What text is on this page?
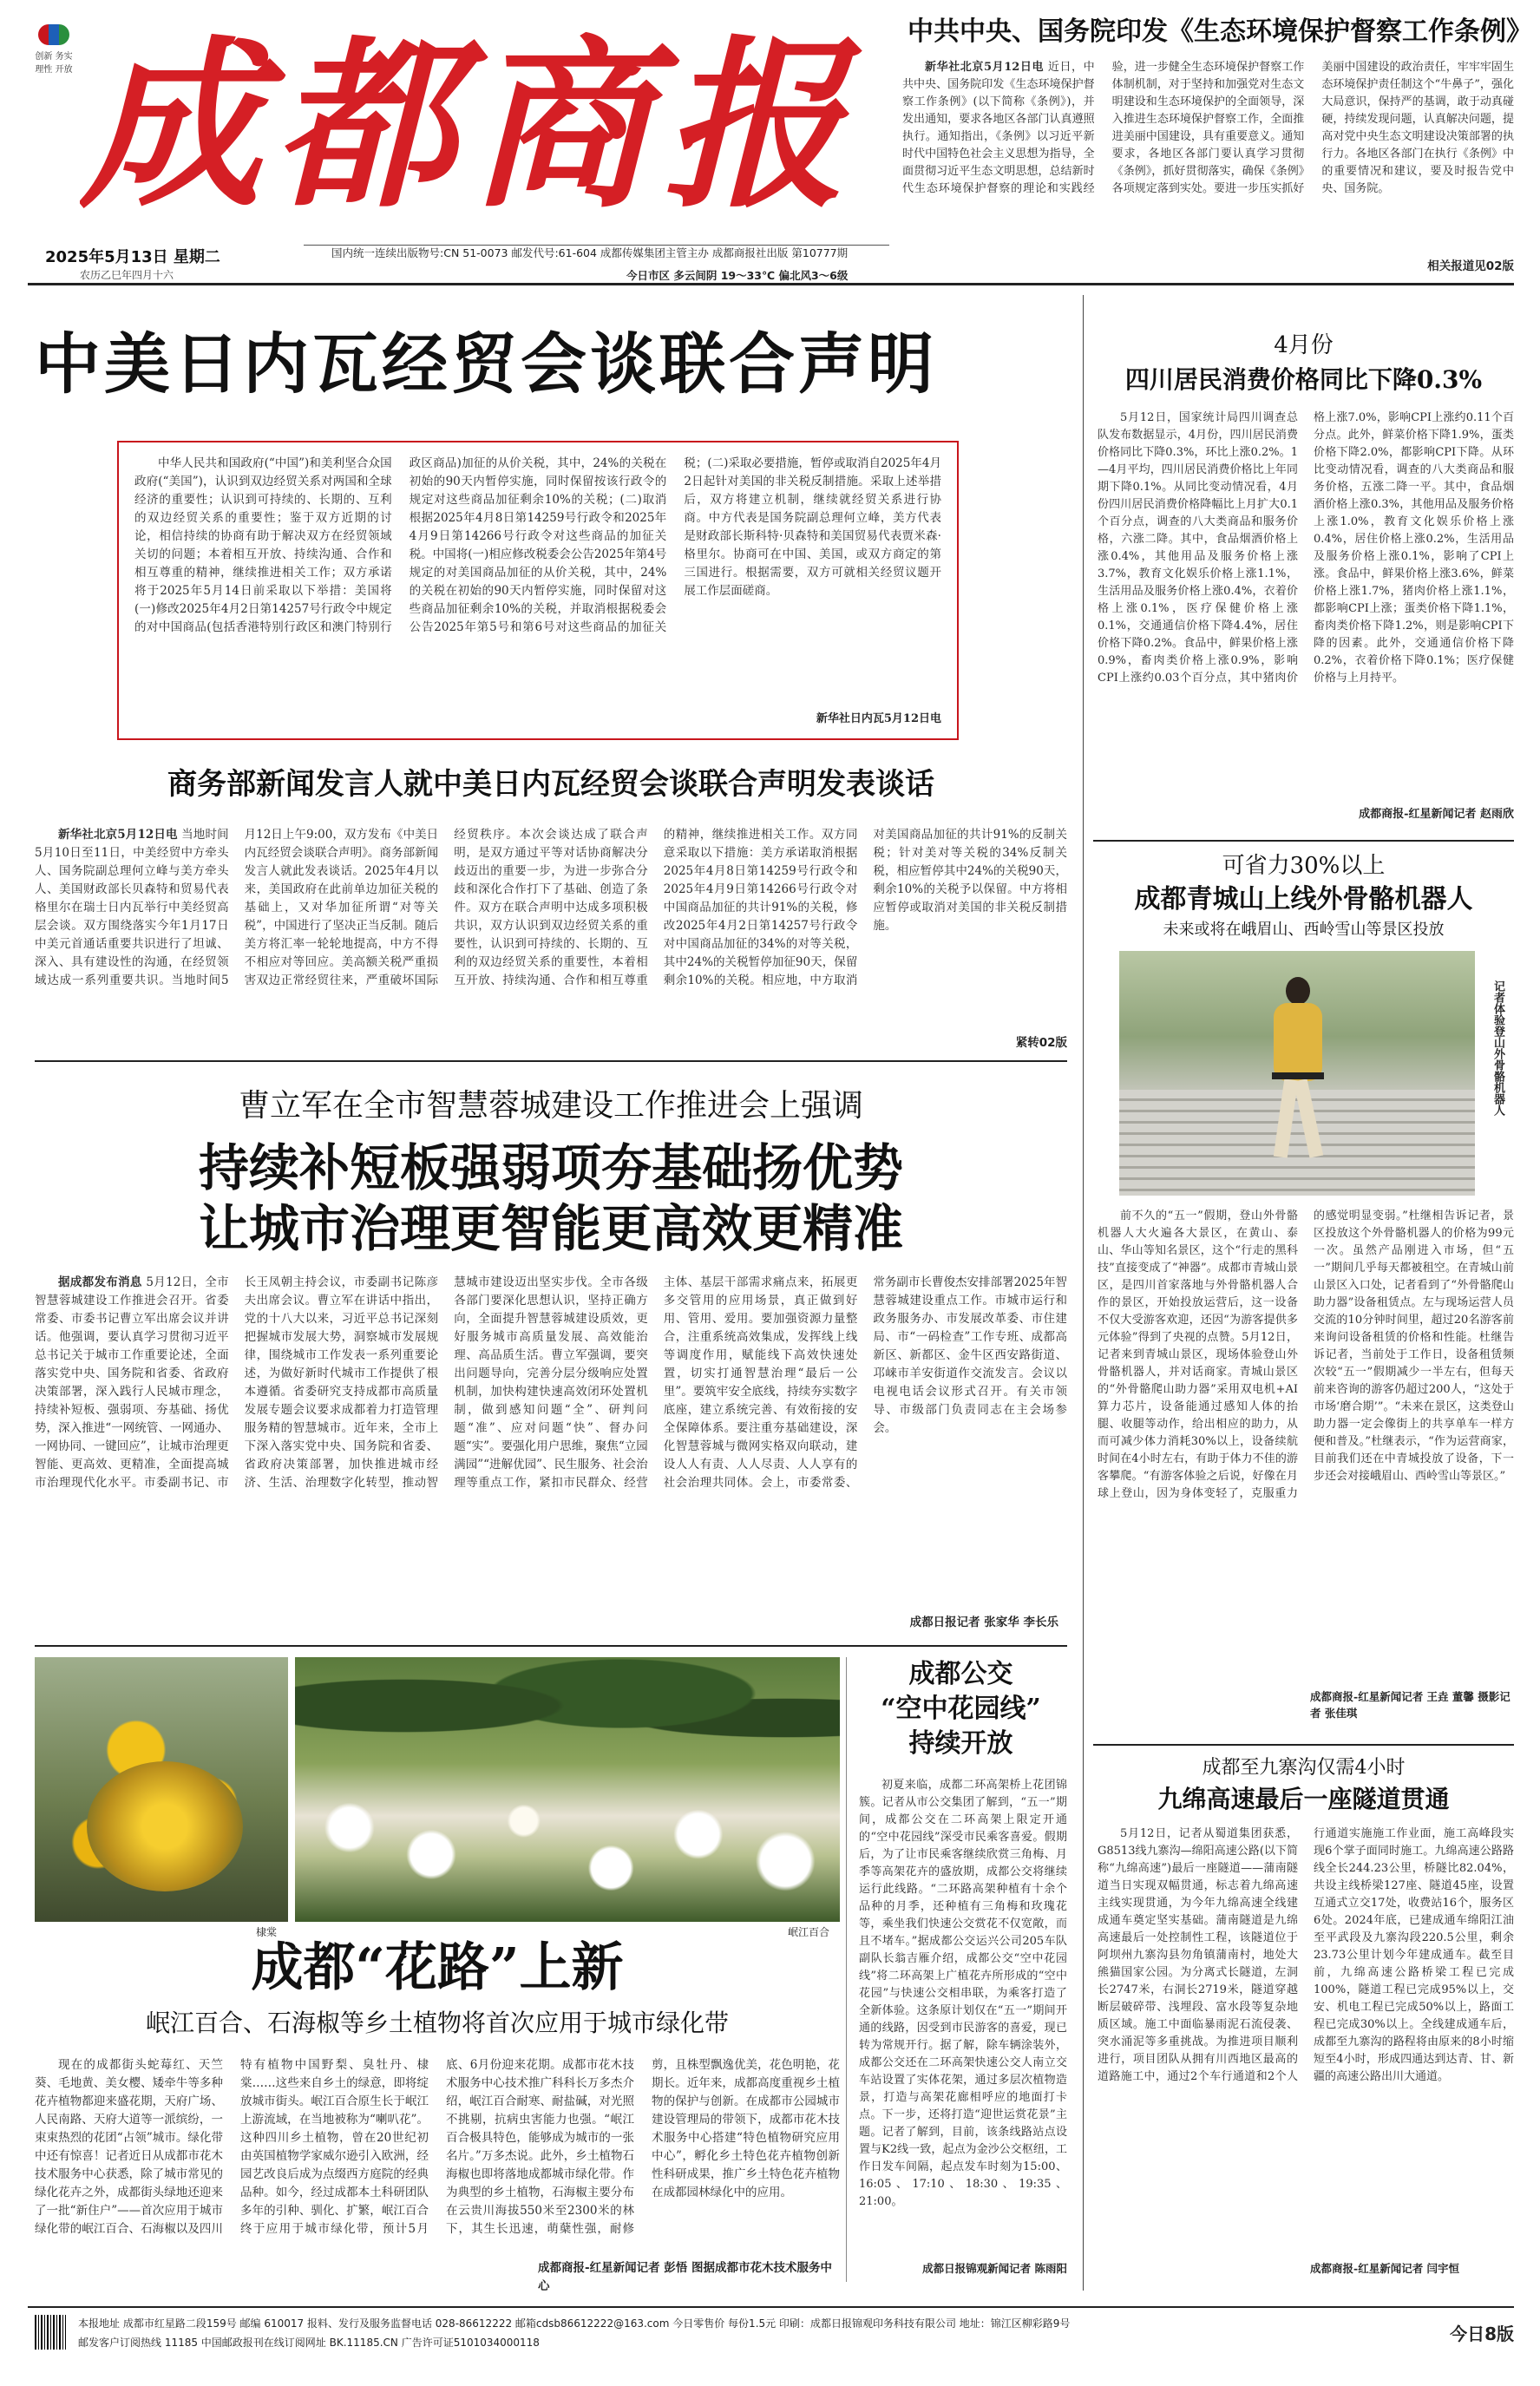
创新 务实
理性 开放 成都商报
2025年5月13日 星期二
农历乙巳年四月十六
国内统一连续出版物号:CN 51-0073 邮发代号:61-604 成都传媒集团主管主办 成都商报社出版 第10777期
今日市区 多云间阴 19～33℃ 偏北风3～6级
中共中央、国务院印发《生态环境保护督察工作条例》

新华社北京5月12日电 近日，中共中央、国务院印发《生态环境保护督察工作条例》(以下简称《条例》)，并发出通知，要求各地区各部门认真遵照执行。通知指出，《条例》以习近平新时代中国特色社会主义思想为指导，全面贯彻习近平生态文明思想，总结新时代生态环境保护督察的理论和实践经验，进一步健全生态环境保护督察工作体制机制，对于坚持和加强党对生态文明建设和生态环境保护的全面领导，深入推进生态环境保护督察工作，全面推进美丽中国建设，具有重要意义。通知要求，各地区各部门要认真学习贯彻《条例》，抓好贯彻落实，确保《条例》各项规定落到实处。要进一步压实抓好美丽中国建设的政治责任，牢牢牢固生态环境保护责任制这个“牛鼻子”，强化大局意识，保持严的基调，敢于动真碰硬，持续发现问题，认真解决问题，提高对党中央生态文明建设决策部署的执行力。各地区各部门在执行《条例》中的重要情况和建议，要及时报告党中央、国务院。

相关报道见02版
中美日内瓦经贸会谈联合声明

中华人民共和国政府(“中国”)和美利坚合众国政府(“美国”)，认识到双边经贸关系对两国和全球经济的重要性；认识到可持续的、长期的、互利的双边经贸关系的重要性；鉴于双方近期的讨论，相信持续的协商有助于解决双方在经贸领域关切的问题；本着相互开放、持续沟通、合作和相互尊重的精神，继续推进相关工作；双方承诺将于2025年5月14日前采取以下举措：美国将(一)修改2025年4月2日第14257号行政令中规定的对中国商品(包括香港特别行政区和澳门特别行政区商品)加征的从价关税，其中，24%的关税在初始的90天内暂停实施，同时保留按该行政令的规定对这些商品加征剩余10%的关税；(二)取消根据2025年4月8日第14259号行政令和2025年4月9日第14266号行政令对这些商品的加征关税。中国将(一)相应修改税委会公告2025年第4号规定的对美国商品加征的从价关税，其中，24%的关税在初始的90天内暂停实施，同时保留对这些商品加征剩余10%的关税，并取消根据税委会公告2025年第5号和第6号对这些商品的加征关税；(二)采取必要措施，暂停或取消自2025年4月2日起针对美国的非关税反制措施。采取上述举措后，双方将建立机制，继续就经贸关系进行协商。中方代表是国务院副总理何立峰，美方代表是财政部长斯科特·贝森特和美国贸易代表贾米森·格里尔。协商可在中国、美国，或双方商定的第三国进行。根据需要，双方可就相关经贸议题开展工作层面磋商。

新华社日内瓦5月12日电
商务部新闻发言人就中美日内瓦经贸会谈联合声明发表谈话

新华社北京5月12日电 当地时间5月10日至11日，中美经贸中方牵头人、国务院副总理何立峰与美方牵头人、美国财政部长贝森特和贸易代表格里尔在瑞士日内瓦举行中美经贸高层会谈。双方围绕落实今年1月17日中美元首通话重要共识进行了坦诚、深入、具有建设性的沟通，在经贸领域达成一系列重要共识。当地时间5月12日上午9:00，双方发布《中美日内瓦经贸会谈联合声明》。商务部新闻发言人就此发表谈话。2025年4月以来，美国政府在此前单边加征关税的基础上，又对华加征所谓“对等关税”，中国进行了坚决正当反制。随后美方将汇率一轮轮地提高，中方不得不相应对等回应。美高额关税严重损害双边正常经贸往来，严重破坏国际经贸秩序。本次会谈达成了联合声明，是双方通过平等对话协商解决分歧迈出的重要一步，为进一步弥合分歧和深化合作打下了基础、创造了条件。双方在联合声明中达成多项积极共识，双方认识到双边经贸关系的重要性，认识到可持续的、长期的、互利的双边经贸关系的重要性，本着相互开放、持续沟通、合作和相互尊重的精神，继续推进相关工作。双方同意采取以下措施：美方承诺取消根据2025年4月8日第14259号行政令和2025年4月9日第14266号行政令对中国商品加征的共计91%的关税，修改2025年4月2日第14257号行政令对中国商品加征的34%的对等关税，其中24%的关税暂停加征90天，保留剩余10%的关税。相应地，中方取消对美国商品加征的共计91%的反制关税；针对美对等关税的34%反制关税，相应暂停其中24%的关税90天，剩余10%的关税予以保留。中方将相应暂停或取消对美国的非关税反制措施。

紧转02版
曹立军在全市智慧蓉城建设工作推进会上强调
持续补短板强弱项夯基础扬优势
让城市治理更智能更高效更精准

据成都发布消息 5月12日，全市智慧蓉城建设工作推进会召开。省委常委、市委书记曹立军出席会议并讲话。他强调，要认真学习贯彻习近平总书记关于城市工作重要论述，全面落实党中央、国务院和省委、省政府决策部署，深入践行人民城市理念，持续补短板、强弱项、夯基础、扬优势，深入推进“一网统管、一网通办、一网协同、一键回应”，让城市治理更智能、更高效、更精准，全面提高城市治理现代化水平。市委副书记、市长王凤朝主持会议，市委副书记陈彦夫出席会议。曹立军在讲话中指出，党的十八大以来，习近平总书记深刻把握城市发展大势，洞察城市发展规律，围绕城市工作发表一系列重要论述，为做好新时代城市工作提供了根本遵循。省委研究支持成都市高质量发展专题会议要求成都着力打造管理服务精的智慧城市。近年来，全市上下深入落实党中央、国务院和省委、省政府决策部署，加快推进城市经济、生活、治理数字化转型，推动智慧城市建设迈出坚实步伐。全市各级各部门要深化思想认识，坚持正确方向，全面提升智慧蓉城建设质效，更好服务城市高质量发展、高效能治理、高品质生活。曹立军强调，要突出问题导向，完善分层分级响应处置机制，加快构建快速高效闭环处置机制，做到感知问题“全”、研判问题“准”、应对问题“快”、督办问题“实”。要强化用户思维，聚焦“立园满园”“进解优园”、民生服务、社会治理等重点工作，紧扣市民群众、经营主体、基层干部需求痛点来，拓展更多交管用的应用场景，真正做到好用、管用、爱用。要加强资源力量整合，注重系统高效集成，发挥线上线等调度作用，赋能线下高效快速处置，切实打通智慧治理“最后一公里”。要筑牢安全底线，持续夯实数字底座，建立系统完善、有效衔接的安全保障体系。要注重夯基础建设，深化智慧蓉城与微网实格双向联动，建设人人有责、人人尽责、人人享有的社会治理共同体。会上，市委常委、常务副市长曹俊杰安排部署2025年智慧蓉城建设重点工作。市城市运行和政务服务办、市发展改革委、市住建局、市“一码检查”工作专班、成都高新区、新都区、金牛区西安路街道、邛崃市羊安街道作交流发言。会议以电视电话会议形式召开。有关市领导、市级部门负责同志在主会场参会。

成都日报记者 张家华 李长乐
棣棠	岷江百合
成都“花路”上新
岷江百合、石海椒等乡土植物将首次应用于城市绿化带

现在的成都街头蛇莓红、天竺葵、毛地黄、美女樱、矮牵牛等多种花卉植物都迎来盛花期，天府广场、人民南路、天府大道等一派缤纷，一束束热烈的花团“占领”城市。绿化带中还有惊喜！记者近日从成都市花木技术服务中心获悉，除了城市常见的绿化花卉之外，成都街头绿地还迎来了一批“新住户”——首次应用于城市绿化带的岷江百合、石海椒以及四川特有植物中国野梨、臭牡丹、棣棠……这些来自乡土的绿意，即将绽放城市街头。岷江百合原生长于岷江上游流域，在当地被称为“喇叭花”。这种四川乡土植物，曾在20世纪初由英国植物学家威尔逊引入欧洲，经园艺改良后成为点缀西方庭院的经典品种。如今，经过成都本土科研团队多年的引种、驯化、扩繁，岷江百合终于应用于城市绿化带，预计5月底、6月份迎来花期。成都市花木技术服务中心技术推广科科长万多杰介绍，岷江百合耐寒、耐盐碱，对光照不挑剔，抗病虫害能力也强。“岷江百合极具特色，能够成为城市的一张名片。”万多杰说。此外，乡土植物石海椒也即将落地成都城市绿化带。作为典型的乡土植物，石海椒主要分布在云贵川海拔550米至2300米的林下，其生长迅速，萌蘖性强，耐修剪，且株型飘逸优美，花色明艳，花期长。近年来，成都高度重视乡土植物的保护与创新。在成都市公园城市建设管理局的带领下，成都市花木技术服务中心搭建“特色植物研究应用中心”，孵化乡土特色花卉植物创新性科研成果，推广乡土特色花卉植物在成都园林绿化中的应用。

成都商报-红星新闻记者 彭悟 图据成都市花木技术服务中心
成都公交
“空中花园线”
持续开放

初夏来临，成都二环高架桥上花团锦簇。记者从市公交集团了解到，“五一”期间，成都公交在二环高架上限定开通的“空中花园线”深受市民乘客喜爱。假期后，为了让市民乘客继续欣赏三角梅、月季等高架花卉的盛放期，成都公交将继续运行此线路。“二环路高架种植有十余个品种的月季，还种植有三角梅和玫瑰花等，乘坐我们快速公交赏花不仅宽敞，而且不堵车。”据成都公交运兴公司205车队副队长翁吉雁介绍，成都公交“空中花园线”将二环高架上广植花卉所形成的“空中花园”与快速公交相串联，为乘客打造了全新体验。这条原计划仅在“五一”期间开通的线路，因受到市民游客的喜爱，现已转为常规开行。据了解，除车辆涂装外，成都公交还在二环高架快速公交人南立交车站设置了实体花架，通过多层次植物造景，打造与高架花廊相呼应的地面打卡点。下一步，还将打造“迎世运赏花景”主题。记者了解到，目前，该条线路站点设置与K2线一致，起点为金沙公交枢纽，工作日发车间隔，起点发车时刻为15:00、16:05、17:10、18:30、19:35、21:00。

成都日报锦观新闻记者 陈雨阳
4月份
四川居民消费价格同比下降0.3%

5月12日，国家统计局四川调查总队发布数据显示，4月份，四川居民消费价格同比下降0.3%，环比上涨0.2%。1—4月平均，四川居民消费价格比上年同期下降0.1%。从同比变动情况看，4月份四川居民消费价格降幅比上月扩大0.1个百分点，调查的八大类商品和服务价格，六涨二降。其中，食品烟酒价格上涨0.4%，其他用品及服务价格上涨3.7%，教育文化娱乐价格上涨1.1%，生活用品及服务价格上涨0.4%，衣着价格上涨0.1%，医疗保健价格上涨0.1%，交通通信价格下降4.4%，居住价格下降0.2%。食品中，鲜果价格上涨0.9%，畜肉类价格上涨0.9%，影响CPI上涨约0.03个百分点，其中猪肉价格上涨7.0%，影响CPI上涨约0.11个百分点。此外，鲜菜价格下降1.9%，蛋类价格下降2.0%，都影响CPI下降。从环比变动情况看，调查的八大类商品和服务价格，五涨二降一平。其中，食品烟酒价格上涨0.3%，其他用品及服务价格上涨1.0%，教育文化娱乐价格上涨0.4%，居住价格上涨0.2%，生活用品及服务价格上涨0.1%，影响了CPI上涨。食品中，鲜果价格上涨3.6%，鲜菜价格上涨1.7%，猪肉价格上涨1.1%，都影响CPI上涨；蛋类价格下降1.1%，畜肉类价格下降1.2%，则是影响CPI下降的因素。此外，交通通信价格下降0.2%，衣着价格下降0.1%；医疗保健价格与上月持平。

成都商报-红星新闻记者 赵雨欣
可省力30%以上
成都青城山上线外骨骼机器人
未来或将在峨眉山、西岭雪山等景区投放
记者体验登山外骨骼机器人

前不久的“五一”假期，登山外骨骼机器人大火遍各大景区，在黄山、泰山、华山等知名景区，这个“行走的黑科技”直接变成了“神器”。成都市青城山景区，是四川首家落地与外骨骼机器人合作的景区，开始投放运营后，这一设备不仅大受游客欢迎，还因“为游客提供多元体验”得到了央视的点赞。5月12日，记者来到青城山景区，现场体验登山外骨骼机器人，并对话商家。青城山景区的“外骨骼爬山助力器”采用双电机+AI算力芯片，设备能通过感知人体的抬腿、收腿等动作，给出相应的助力，从而可减少体力消耗30%以上，设备续航时间在4小时左右，有助于体力不佳的游客攀爬。“有游客体验之后说，好像在月球上登山，因为身体变轻了，克服重力的感觉明显变弱。”杜继相告诉记者，景区投放这个外骨骼机器人的价格为99元一次。虽然产品刚进入市场，但“五一”期间几乎每天都被租空。在青城山前山景区入口处，记者看到了“外骨骼爬山助力器”设备租赁点。左与现场运营人员交流的10分钟时间里，超过20名游客前来询问设备租赁的价格和性能。杜继告诉记者，当前处于工作日，设备租赁频次较“五一”假期减少一半左右，但每天前来咨询的游客仍超过200人，“这处于市场‘磨合期’”。“未来在景区，这类登山助力器一定会像街上的共享单车一样方便和普及。”杜继表示，“作为运营商家，目前我们还在中青城投放了设备，下一步还会对接峨眉山、西岭雪山等景区。”

成都商报-红星新闻记者 王垚 董馨 摄影记者 张佳琪
成都至九寨沟仅需4小时
九绵高速最后一座隧道贯通

5月12日，记者从蜀道集团获悉，G8513线九寨沟—绵阳高速公路(以下简称“九绵高速”)最后一座隧道——蒲南隧道当日实现双幅贯通，标志着九绵高速主线实现贯通，为今年九绵高速全线建成通车奠定坚实基础。蒲南隧道是九绵高速最后一处控制性工程，该隧道位于阿坝州九寨沟县勿角镇蒲南村，地处大熊猫国家公园。为分离式长隧道，左洞长2747米，右洞长2719米，隧道穿越断层破碎带、浅埋段、富水段等复杂地质区域。施工中面临暴雨泥石流侵袭、突水涌泥等多重挑战。为推进项目顺利进行，项目团队从拥有川西地区最高的道路施工中，通过2个车行通道和2个人行通道实施施工作业面，施工高峰段实现6个掌子面同时施工。九绵高速公路路线全长244.23公里，桥隧比82.04%，共设主线桥梁127座、隧道45座，设置互通式立交17处，收费站16个，服务区6处。2024年底，已建成通车绵阳江油至平武段及九寨沟段220.5公里，剩余23.73公里计划今年建成通车。截至目前，九绵高速公路桥梁工程已完成100%，隧道工程已完成95%以上，交安、机电工程已完成50%以上，路面工程已完成30%以上。全线建成通车后，成都至九寨沟的路程将由原来的8小时缩短至4小时，形成四通达到达青、甘、新疆的高速公路出川大通道。

成都商报-红星新闻记者 闫宇恒
本报地址 成都市红星路二段159号 邮编 610017 报料、发行及服务监督电话 028-86612222 邮箱cdsb86612222@163.com 今日零售价 每份1.5元 印刷：成都日报锦观印务科技有限公司 地址：锦江区柳彩路9号
邮发客户订阅热线 11185 中国邮政报刊在线订阅网址 BK.11185.CN 广告许可证5101034000118	今日8版
